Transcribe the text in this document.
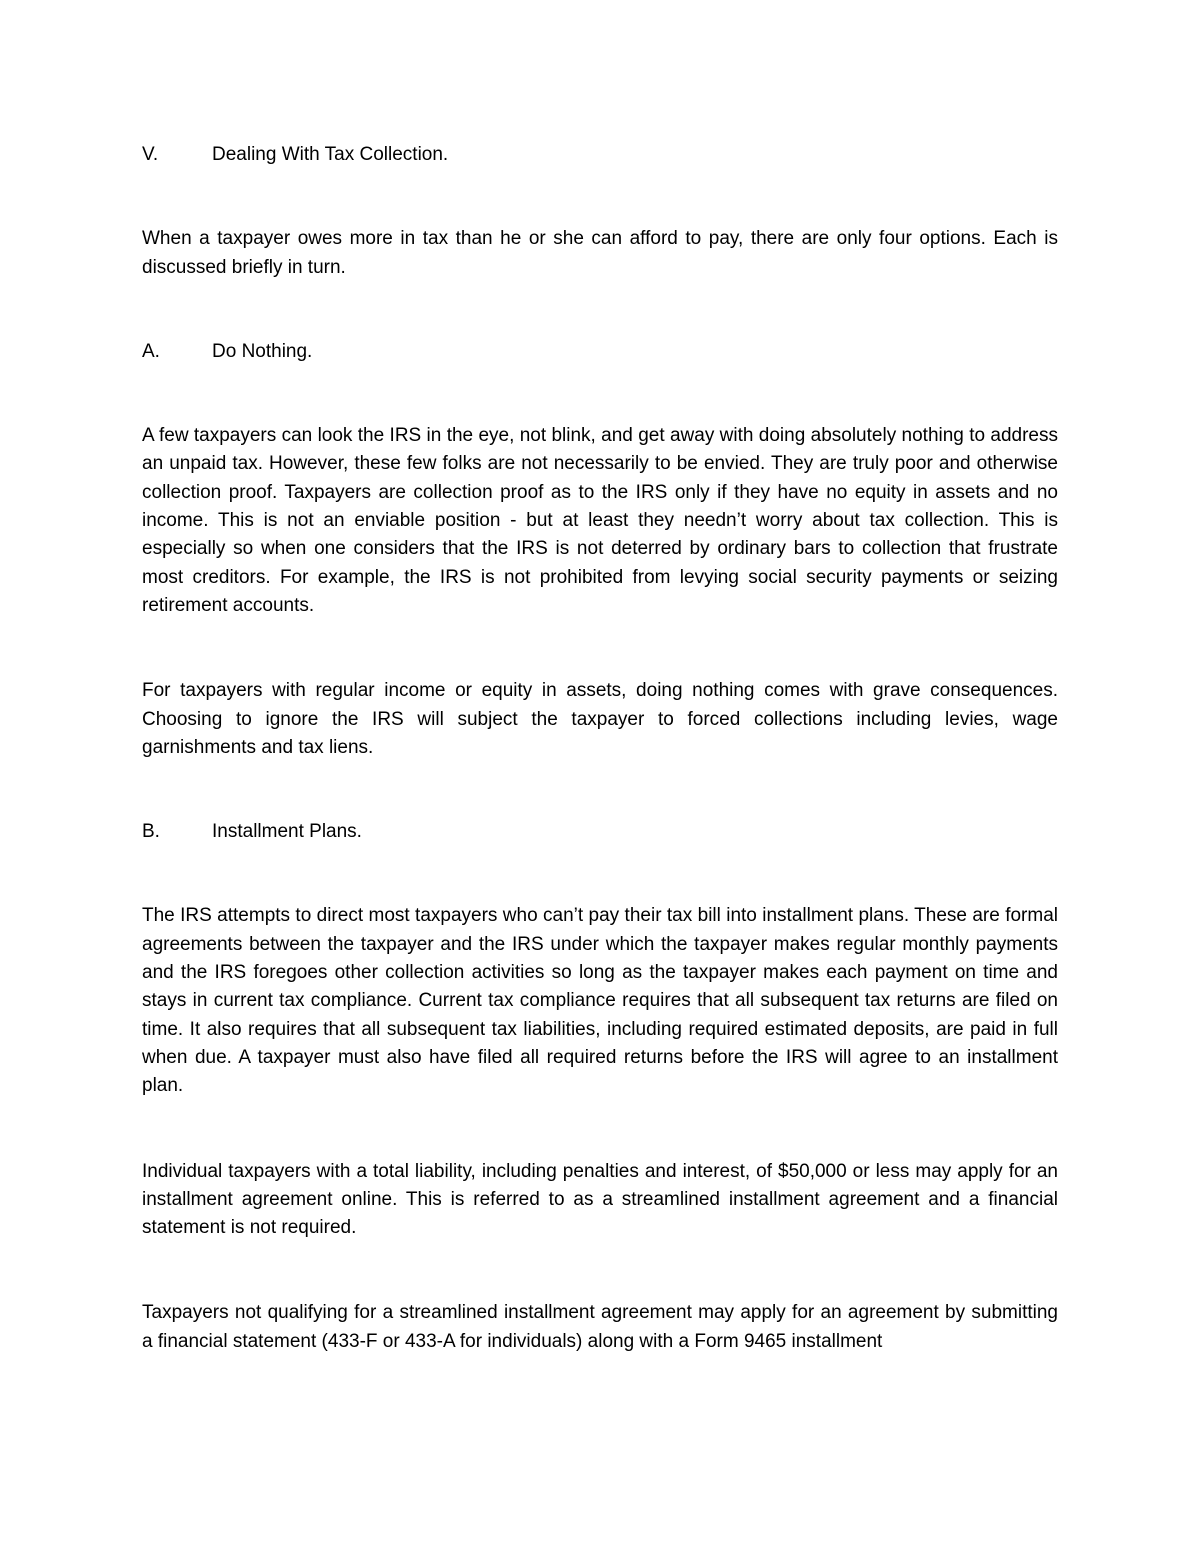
V.	Dealing With Tax Collection.

When a taxpayer owes more in tax than he or she can afford to pay, there are only four options. Each is discussed briefly in turn.

A.	Do Nothing.

A few taxpayers can look the IRS in the eye, not blink, and get away with doing absolutely nothing to address an unpaid tax. However, these few folks are not necessarily to be envied. They are truly poor and otherwise collection proof. Taxpayers are collection proof as to the IRS only if they have no equity in assets and no income. This is not an enviable position - but at least they needn’t worry about tax collection. This is especially so when one considers that the IRS is not deterred by ordinary bars to collection that frustrate most creditors. For example, the IRS is not prohibited from levying social security payments or seizing retirement accounts.

For taxpayers with regular income or equity in assets, doing nothing comes with grave consequences. Choosing to ignore the IRS will subject the taxpayer to forced collections including levies, wage garnishments and tax liens.

B.	Installment Plans.

The IRS attempts to direct most taxpayers who can’t pay their tax bill into installment plans. These are formal agreements between the taxpayer and the IRS under which the taxpayer makes regular monthly payments and the IRS foregoes other collection activities so long as the taxpayer makes each payment on time and stays in current tax compliance. Current tax compliance requires that all subsequent tax returns are filed on time. It also requires that all subsequent tax liabilities, including required estimated deposits, are paid in full when due. A taxpayer must also have filed all required returns before the IRS will agree to an installment plan.

Individual taxpayers with a total liability, including penalties and interest, of $50,000 or less may apply for an installment agreement online. This is referred to as a streamlined installment agreement and a financial statement is not required.

Taxpayers not qualifying for a streamlined installment agreement may apply for an agreement by submitting a financial statement (433-F or 433-A for individuals) along with a Form 9465 installment
